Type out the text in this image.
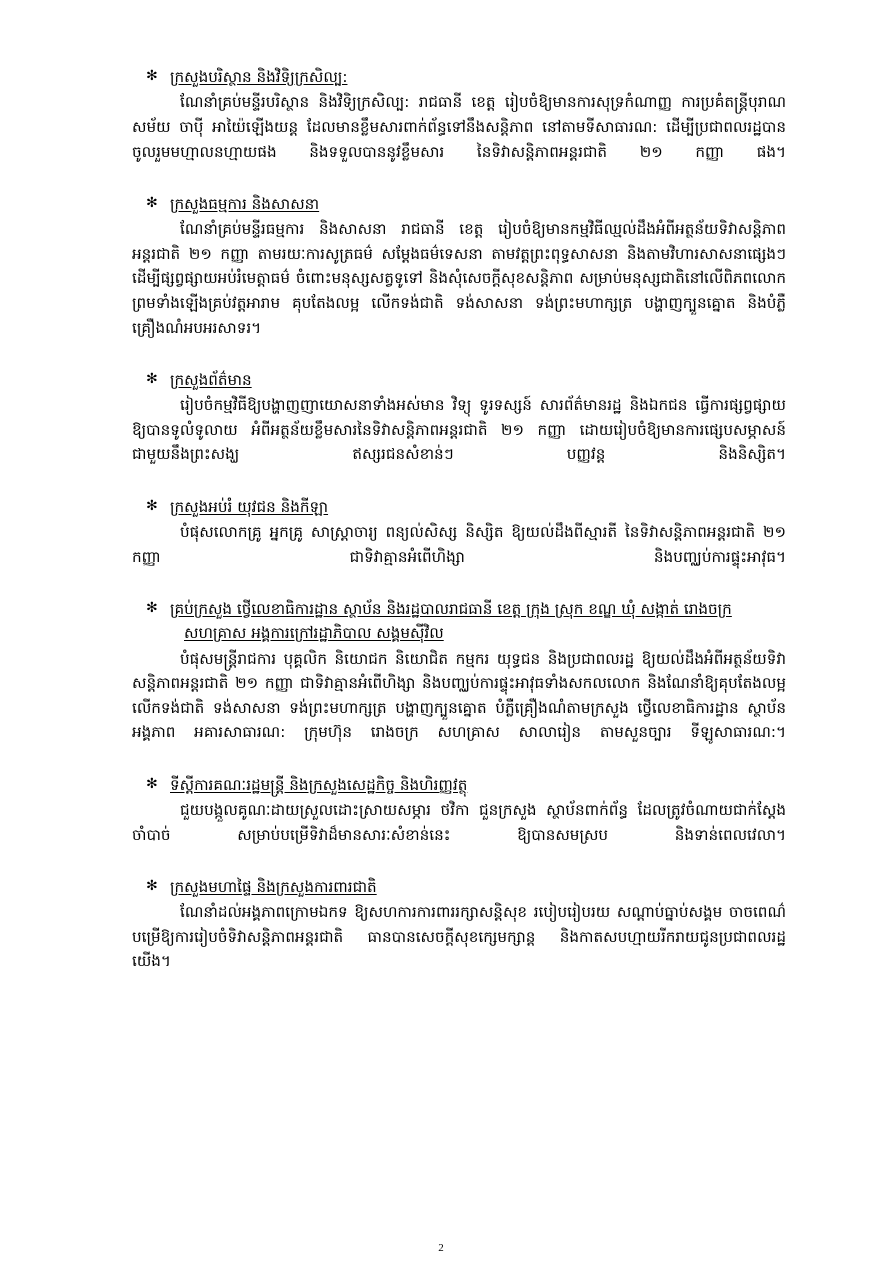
✻ ក្រសួងបរិស្ថាន និងវិទិ្យក្រសិល្ប:

ណែនាំគ្រប់មន្ទីរបរិស្ថាន និងវិទិ្យក្រសិល្ប: រាជធានី ខេត្ត រៀបចំឱ្យមានការសុទ្រកំណាញ្ញ ការប្រគំតន្ត្រីបុរាណ សម័យ ចាប៉ី អាយ៉ៃឡើងយន្ត ដែលមានខ្លឹមសារពាក់ព័ន្ធទៅនឹងសន្តិភាព នៅតាមទីសាធារណ: ដើម្បីប្រជាពលរដ្ឋបានចូលរួមមហ្មាលនហ្មាយផង និងទទួលបាននូវខ្លឹមសារ នៃទិវាសន្តិភាពអន្តរជាតិ ២១ កញ្ញា ផង។

✻ ក្រសួងធម្មការ និងសាសនា

ណែនាំគ្រប់មន្ទីរធម្មការ និងសាសនា រាជធានី ខេត្ត រៀបចំឱ្យមានកម្មវិធីឈ្មល់ដឹងអំពីអត្ថន័យទិវាសន្តិភាព អន្តរជាតិ ២១ កញ្ញា តាមរយៈការសូត្រធម៌ សម្តែងធម៌ទេសនា តាមវត្តព្រះពុទ្ធសាសនា និងតាមវិហារសាសនាផ្សេងៗ ដើម្បីផ្សព្វផ្សាយអប់រំមេត្តាធម៌ ចំពោះមនុស្សសត្វទូទៅ និងសុំសេចក្តីសុខសន្តិភាព សម្រាប់មនុស្សជាតិនៅលើពិភពលោក ព្រមទាំងឡើងគ្រប់វត្តអារាម គុបតែងលម្អ លើកទង់ជាតិ ទង់សាសនា ទង់ព្រះមហាក្សត្រ បង្ហាញក្បួនគ្នោត និងបំភ្លឺគ្រឿងណំអបអរសាទរ។

✻ ក្រសួងព័ត៌មាន

រៀបចំកម្មវិធីឱ្យបង្ហាញញាយោសនាទាំងអស់មាន វិទ្យុ ទូរទស្សន៍ សារព័ត៌មានរដ្ឋ និងឯកជន ធ្វើការផ្សព្វផ្សាយឱ្យបានទូលំទូលាយ អំពីអត្ថន័យខ្លឹមសារនៃទិវាសន្តិភាពអន្តរជាតិ ២១ កញ្ញា ដោយរៀបចំឱ្យមានការផ្សេបសម្ភាសន៍ជាមួយនឹងព្រះសង្ឃ ឥស្សរជនសំខាន់ៗ បញ្ញវន្ត និងនិស្សិត។

✻ ក្រសួងអប់រំ យុវជន និងកីឡា

បំផុសលោកគ្រូ អ្នកគ្រូ សាស្ត្រាចារ្យ ពន្យល់សិស្ស និស្សិត ឱ្យយល់ដឹងពីស្មារតី នៃទិវាសន្តិភាពអន្តរជាតិ ២១ កញ្ញា ជាទិវាគ្មានអំពើហិង្សា និងបញ្ឈប់ការផ្ទុះអាវុធ។

✻ គ្រប់ក្រសួង ថ្វើលេខាធិការដ្ឋាន ស្ថាប័ន និងរដ្ឋបាលរាជធានី ខេត្ត ក្រុង ស្រុក ខណ្ឌ ឃុំ សង្កាត់ រោងចក្រ
សហគ្រាស អង្គការក្រៅរដ្ឋាភិបាល សង្គមស៊ីវិល

បំផុសមន្ត្រីរាជការ បុគ្គលិក និយោជក និយោជិត កម្មករ យុទ្ធជន និងប្រជាពលរដ្ឋ ឱ្យយល់ដឹងអំពីអត្ថន័យទិវាសន្តិភាពអន្តរជាតិ ២១ កញ្ញា ជាទិវាគ្មានអំពើហិង្សា និងបញ្ឈប់ការផ្ទុះអាវុធទាំងសកលលោក និងណែនាំឱ្យគុបតែងលម្អ លើកទង់ជាតិ ទង់សាសនា ទង់ព្រះមហាក្សត្រ បង្ហាញក្បួនគ្នោត បំភ្លឺគ្រឿងណំតាមក្រសួង ថ្វើលេខាធិការដ្ឋាន ស្ថាប័ន អង្គភាព អគារសាធារណ: ក្រុមហ៊ុន រោងចក្រ សហគ្រាស សាលារៀន តាមសួនច្បារ ទីឡូសាធារណ:។

✻ ទីស្តីការគណៈរដ្ឋមន្ត្រី និងក្រសួងសេដ្ឋកិច្ច និងហិរញ្ញវត្ថុ

ជួយបង្កួលគូណៈដាយស្រួលដោះស្រាយសម្ភារ ថវិកា ជួនក្រសួង ស្ថាប័នពាក់ព័ន្ធ ដែលត្រូវចំណាយជាក់ស្តែងចាំបាច់ សម្រាប់បម្រើទិវាដ៏មានសារៈសំខាន់នេះ ឱ្យបានសមស្រប និងទាន់ពេលវេលា។

✻ ក្រសួងមហាផ្ទៃ និងក្រសួងការពារជាតិ

ណែនាំដល់អង្គភាពក្រោមឯកទ ឱ្យសហការការពាររក្សាសន្តិសុខ របៀបរៀបរយ សណ្តាប់ធ្នាប់សង្គម ចាចពេណ៌ បម្រើឱ្យការរៀបចំទិវាសន្តិភាពអន្តរជាតិ ធានបានសេចក្តីសុខក្សេមក្សាន្ត និងកាតសបហ្មាយរីករាយជូនប្រជាពលរដ្ឋយើង។

2
